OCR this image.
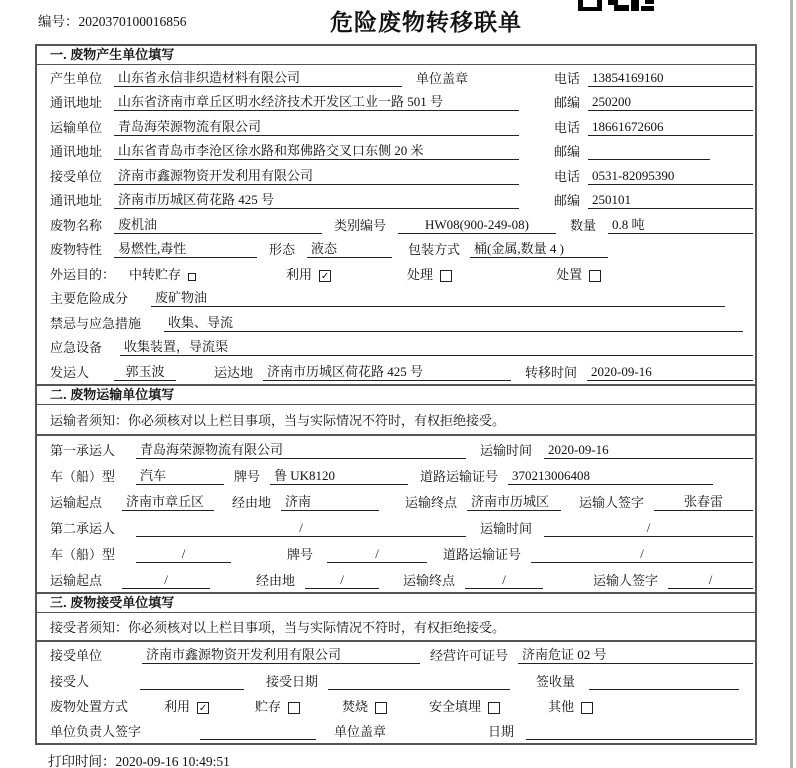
编号：2020370100016856	危险废物转移联单
一. 废物产生单位填写
产生单位	山东省永信非织造材料有限公司	单位盖章	电话 13854169160
通讯地址	山东省济南市章丘区明水经济技术开发区工业一路 501 号	邮编 250200
运输单位	青岛海荣源物流有限公司	电话 18661672606
通讯地址	山东省青岛市李沧区徐水路和郑佛路交叉口东侧 20 米	邮编
接受单位	济南市鑫源物资开发利用有限公司	电话 0531-82095390
通讯地址	济南市历城区荷花路 425 号	邮编 250101
废物名称	废机油	类别编号	HW08(900-249-08)	数量	0.8 吨
废物特性	易燃性,毒性	形态	液态	包装方式	桶(金属,数量 4 )
外运目的： 中转贮存	利用 ✓	处理	处置
主要危险成分	废矿物油
禁忌与应急措施	收集、导流
应急设备	收集装置，导流渠
发运人	郭玉波	运达地	济南市历城区荷花路 425 号	转移时间	2020-09-16
二. 废物运输单位填写
运输者须知：你必须核对以上栏目事项，当与实际情况不符时，有权拒绝接受。
第一承运人	青岛海荣源物流有限公司	运输时间	2020-09-16
车（船）型	汽车	牌号	鲁 UK8120	道路运输证号	370213006408
运输起点	济南市章丘区	经由地	济南	运输终点	济南市历城区	运输人签字	张春雷
第二承运人	/	运输时间	/
车（船）型	/	牌号	/	道路运输证号	/
运输起点	/	经由地	/	运输终点	/	运输人签字	/
三. 废物接受单位填写
接受者须知：你必须核对以上栏目事项，当与实际情况不符时，有权拒绝接受。
接受单位	济南市鑫源物资开发利用有限公司	经营许可证号	济南危证 02 号
接受人	接受日期	签收量
废物处置方式	利用 ✓	贮存	焚烧	安全填埋	其他
单位负责人签字	单位盖章	日期
打印时间：2020-09-16 10:49:51
